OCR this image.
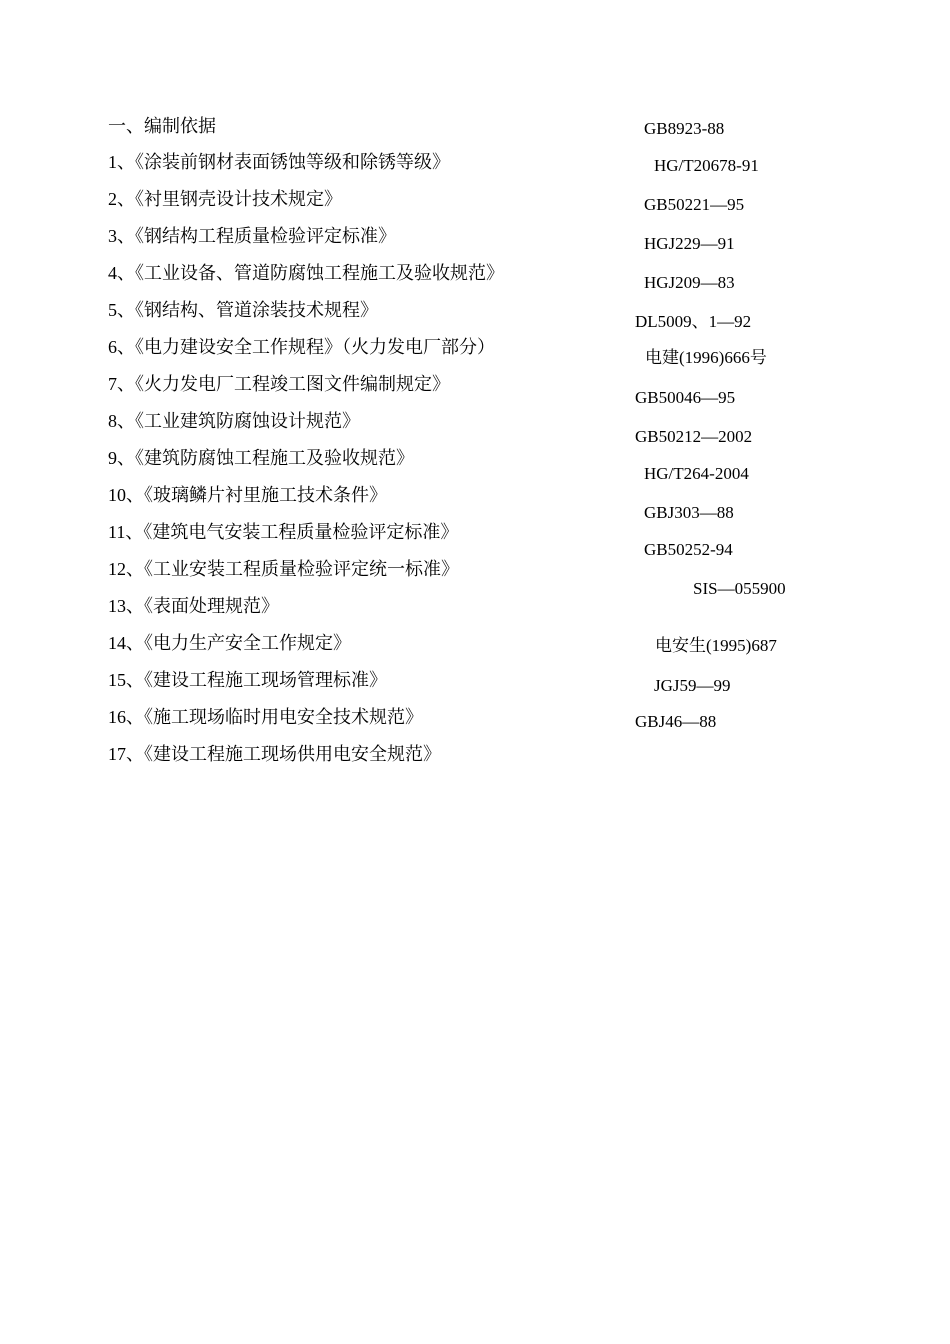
一、编制依据
1、《涂装前钢材表面锈蚀等级和除锈等级》
2、《衬里钢壳设计技术规定》
3、《钢结构工程质量检验评定标准》
4、《工业设备、管道防腐蚀工程施工及验收规范》
5、《钢结构、管道涂装技术规程》
6、《电力建设安全工作规程》（火力发电厂部分）
7、《火力发电厂工程竣工图文件编制规定》
8、《工业建筑防腐蚀设计规范》
9、《建筑防腐蚀工程施工及验收规范》
10、《玻璃鳞片衬里施工技术条件》
11、《建筑电气安装工程质量检验评定标准》
12、《工业安装工程质量检验评定统一标准》
13、《表面处理规范》
14、《电力生产安全工作规定》
15、《建设工程施工现场管理标准》
16、《施工现场临时用电安全技术规范》
17、《建设工程施工现场供用电安全规范》
GB8923-88
HG/T20678-91
GB50221—95
HGJ229—91
HGJ209—83
DL5009、1—92
电建(1996)666号
GB50046—95
GB50212—2002
HG/T264-2004
GBJ303—88
GB50252-94
SIS—055900
电安生(1995)687
JGJ59—99
GBJ46—88
